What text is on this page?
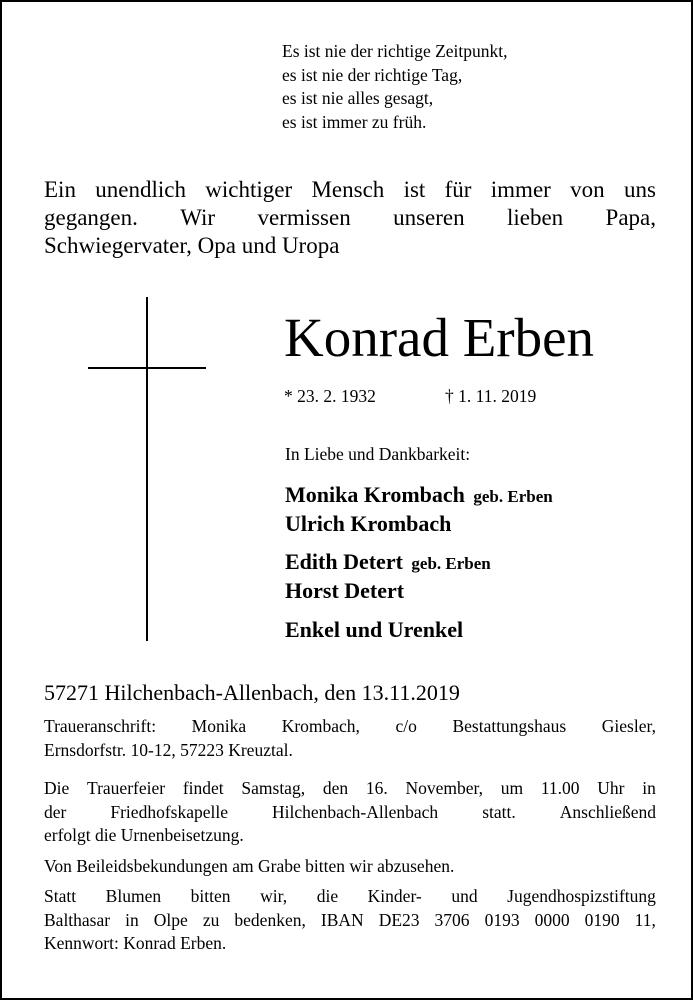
Es ist nie der richtige Zeitpunkt,
es ist nie der richtige Tag,
es ist nie alles gesagt,
es ist immer zu früh.
Ein unendlich wichtiger Mensch ist für immer von uns
gegangen. Wir vermissen unseren lieben Papa,
Schwiegervater, Opa und Uropa
Konrad Erben
* 23. 2. 1932	† 1. 11. 2019
In Liebe und Dankbarkeit:
Monika Krombach geb. Erben
Ulrich Krombach
Edith Detert geb. Erben
Horst Detert
Enkel und Urenkel
57271 Hilchenbach-Allenbach, den 13.11.2019
Traueranschrift: Monika Krombach, c/o Bestattungshaus Giesler,
Ernsdorfstr. 10-12, 57223 Kreuztal.
Die Trauerfeier findet Samstag, den 16. November, um 11.00 Uhr in
der	Friedhofskapelle	Hilchenbach-Allenbach	statt.	Anschließend
erfolgt die Urnenbeisetzung.
Von Beileidsbekundungen am Grabe bitten wir abzusehen.
Statt Blumen bitten wir, die Kinder- und Jugendhospizstiftung
Balthasar in Olpe zu bedenken, IBAN DE23 3706 0193 0000 0190 11,
Kennwort: Konrad Erben.
